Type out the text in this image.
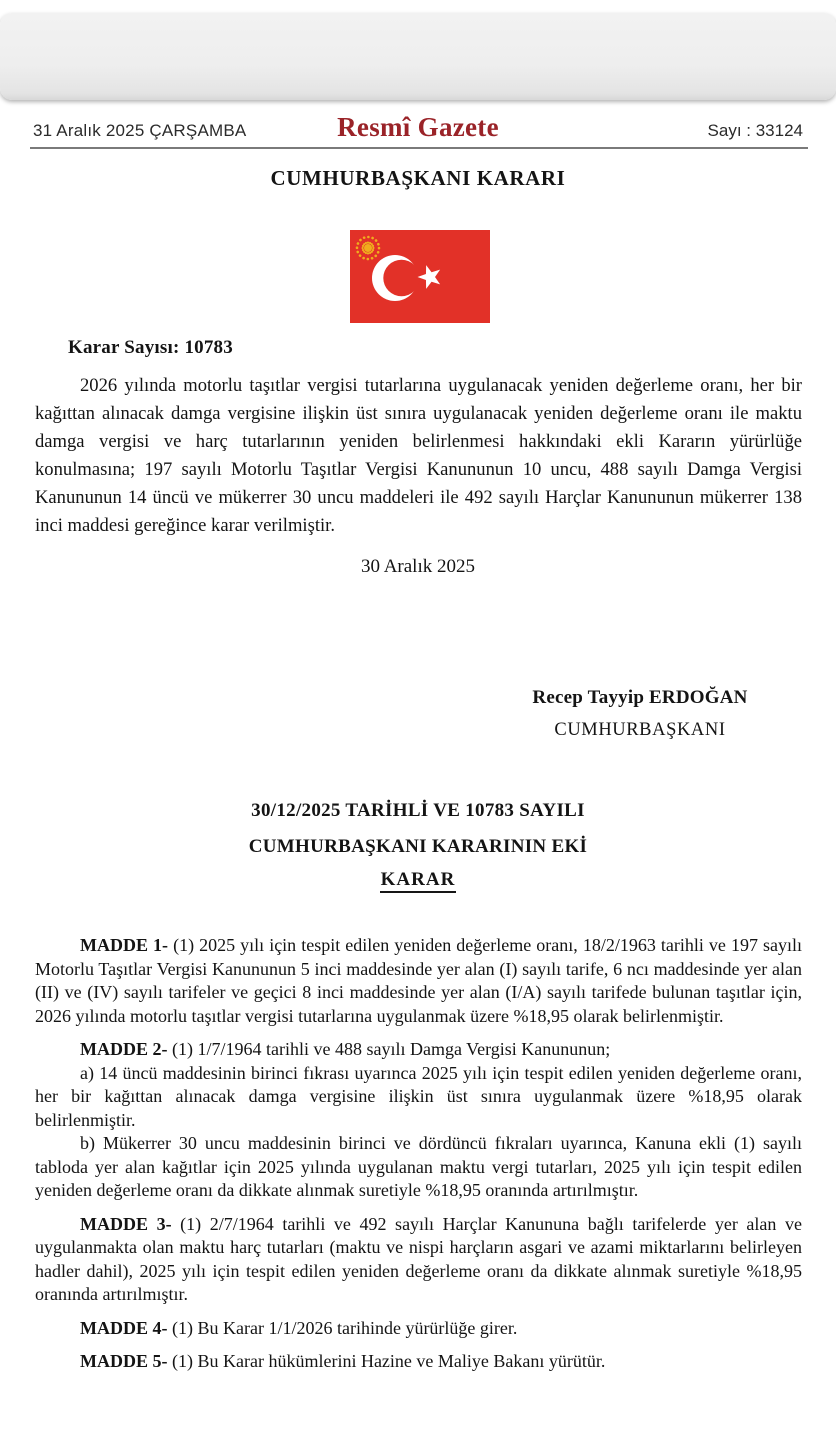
31 Aralık 2025 ÇARŞAMBA	Resmî Gazete	Sayı : 33124
CUMHURBAŞKANI KARARI
Karar Sayısı: 10783

2026 yılında motorlu taşıtlar vergisi tutarlarına uygulanacak yeniden değerleme oranı, her bir kağıttan alınacak damga vergisine ilişkin üst sınıra uygulanacak yeniden değerleme oranı ile maktu damga vergisi ve harç tutarlarının yeniden belirlenmesi hakkındaki ekli Kararın yürürlüğe konulmasına; 197 sayılı Motorlu Taşıtlar Vergisi Kanununun 10 uncu, 488 sayılı Damga Vergisi Kanununun 14 üncü ve mükerrer 30 uncu maddeleri ile 492 sayılı Harçlar Kanununun mükerrer 138 inci maddesi gereğince karar verilmiştir.

30 Aralık 2025
Recep Tayyip ERDOĞAN
CUMHURBAŞKANI
30/12/2025 TARİHLİ VE 10783 SAYILI
CUMHURBAŞKANI KARARININ EKİ
KARAR

MADDE 1- (1) 2025 yılı için tespit edilen yeniden değerleme oranı, 18/2/1963 tarihli ve 197 sayılı Motorlu Taşıtlar Vergisi Kanununun 5 inci maddesinde yer alan (I) sayılı tarife, 6 ncı maddesinde yer alan (II) ve (IV) sayılı tarifeler ve geçici 8 inci maddesinde yer alan (I/A) sayılı tarifede bulunan taşıtlar için, 2026 yılında motorlu taşıtlar vergisi tutarlarına uygulanmak üzere %18,95 olarak belirlenmiştir.

MADDE 2- (1) 1/7/1964 tarihli ve 488 sayılı Damga Vergisi Kanununun;

a) 14 üncü maddesinin birinci fıkrası uyarınca 2025 yılı için tespit edilen yeniden değerleme oranı, her bir kağıttan alınacak damga vergisine ilişkin üst sınıra uygulanmak üzere %18,95 olarak belirlenmiştir.

b) Mükerrer 30 uncu maddesinin birinci ve dördüncü fıkraları uyarınca, Kanuna ekli (1) sayılı tabloda yer alan kağıtlar için 2025 yılında uygulanan maktu vergi tutarları, 2025 yılı için tespit edilen yeniden değerleme oranı da dikkate alınmak suretiyle %18,95 oranında artırılmıştır.

MADDE 3- (1) 2/7/1964 tarihli ve 492 sayılı Harçlar Kanununa bağlı tarifelerde yer alan ve uygulanmakta olan maktu harç tutarları (maktu ve nispi harçların asgari ve azami miktarlarını belirleyen hadler dahil), 2025 yılı için tespit edilen yeniden değerleme oranı da dikkate alınmak suretiyle %18,95 oranında artırılmıştır.

MADDE 4- (1) Bu Karar 1/1/2026 tarihinde yürürlüğe girer.

MADDE 5- (1) Bu Karar hükümlerini Hazine ve Maliye Bakanı yürütür.
